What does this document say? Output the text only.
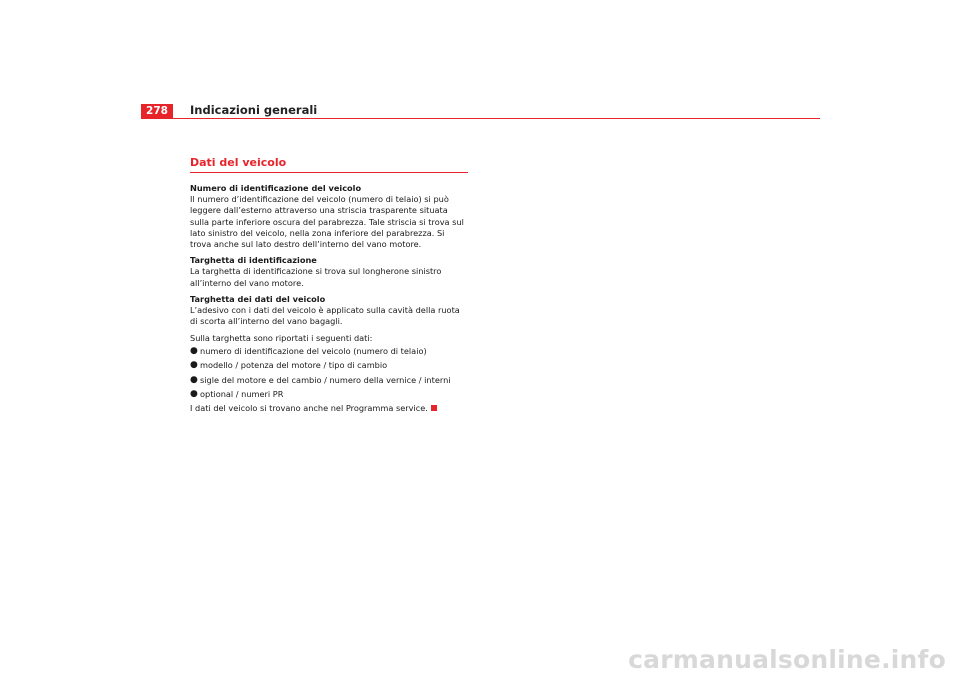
278	Indicazioni generali
Dati del veicolo
Numero di identificazione del veicolo

Il numero d’identificazione del veicolo (numero di telaio) si può leggere dall’esterno attraverso una striscia trasparente situata sulla parte inferiore oscura del parabrezza. Tale striscia si trova sul lato sinistro del veicolo, nella zona inferiore del parabrezza. Si trova anche sul lato destro dell’interno del vano motore.

Targhetta di identificazione

La targhetta di identificazione si trova sul longherone sinistro all’interno del vano motore.

Targhetta dei dati del veicolo

L’adesivo con i dati del veicolo è applicato sulla cavità della ruota di scorta all’interno del vano bagagli.

Sulla targhetta sono riportati i seguenti dati:

● numero di identificazione del veicolo (numero di telaio)
● modello / potenza del motore / tipo di cambio
● sigle del motore e del cambio / numero della vernice / interni
● optional / numeri PR

I dati del veicolo si trovano anche nel Programma service.

carmanualsonline.info
